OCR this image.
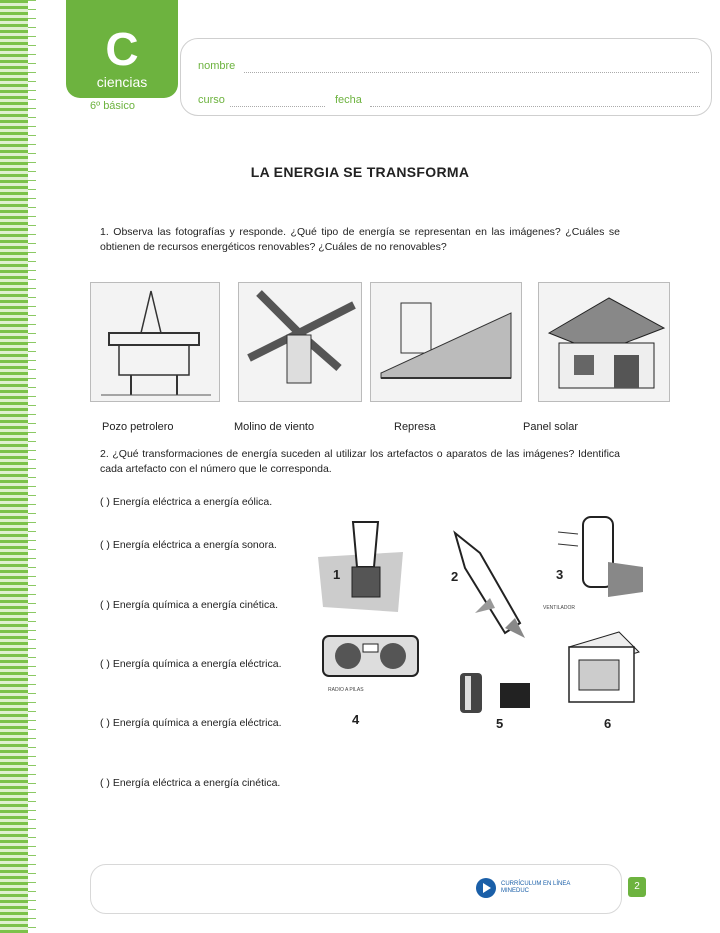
C
ciencias
6º básico
nombre
curso	fecha
LA ENERGIA SE TRANSFORMA
1. Observa las fotografías y responde. ¿Qué tipo de energía se representan en las imágenes? ¿Cuáles se obtienen de recursos energéticos renovables? ¿Cuáles de no renovables?
Pozo petrolero	Molino de viento	Represa	Panel solar
2. ¿Qué transformaciones de energía suceden al utilizar los artefactos o aparatos de las imágenes? Identifica cada artefacto con el número que le corresponda.
( ) Energía eléctrica a energía eólica.
( ) Energía eléctrica a energía sonora.
( ) Energía química a energía cinética.
( ) Energía química a energía eléctrica.
( ) Energía química a energía eléctrica.
( ) Energía eléctrica a energía cinética.
1	2	3
VENTILADOR
RADIO A PILAS
4	5	6
CURRÍCULUM EN LÍNEA
MINEDUC	2
